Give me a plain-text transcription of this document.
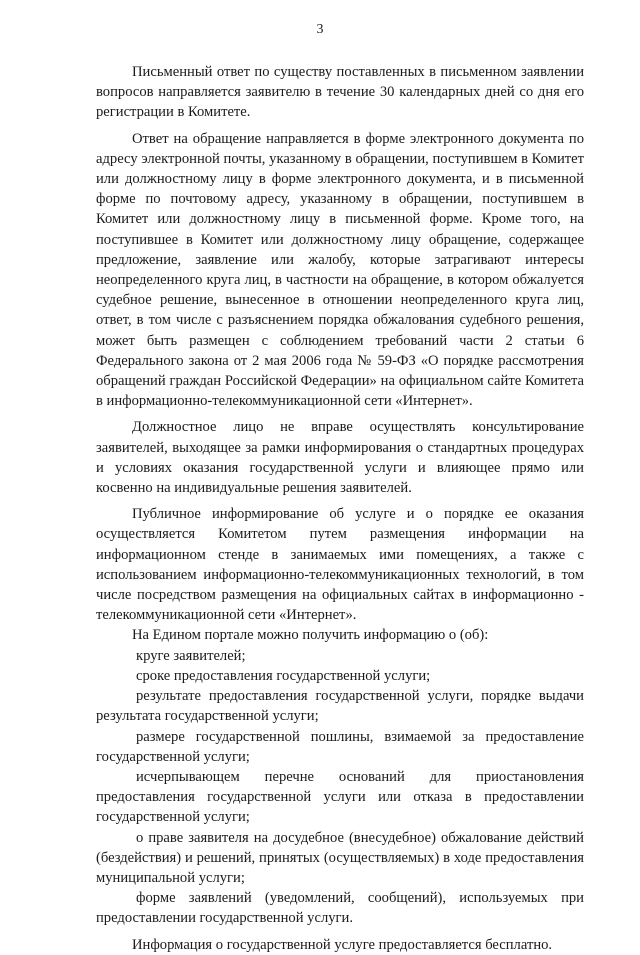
3

Письменный ответ по существу поставленных в письменном заявлении вопросов направляется заявителю в течение 30 календарных дней со дня его регистрации в Комитете.

Ответ на обращение направляется в форме электронного документа по адресу электронной почты, указанному в обращении, поступившем в Комитет или должностному лицу в форме электронного документа, и в письменной форме по почтовому адресу, указанному в обращении, поступившем в Комитет или должностному лицу в письменной форме. Кроме того, на поступившее в Комитет или должностному лицу обращение, содержащее предложение, заявление или жалобу, которые затрагивают интересы неопределенного круга лиц, в частности на обращение, в котором обжалуется судебное решение, вынесенное в отношении неопределенного круга лиц, ответ, в том числе с разъяснением порядка обжалования судебного решения, может быть размещен с соблюдением требований части 2 статьи 6 Федерального закона от 2 мая 2006 года № 59-ФЗ «О порядке рассмотрения обращений граждан Российской Федерации» на официальном сайте Комитета в информационно-телекоммуникационной сети «Интернет».

Должностное лицо не вправе осуществлять консультирование заявителей, выходящее за рамки информирования о стандартных процедурах и условиях оказания государственной услуги и влияющее прямо или косвенно на индивидуальные решения заявителей.

Публичное информирование об услуге и о порядке ее оказания осуществляется Комитетом путем размещения информации на информационном стенде в занимаемых ими помещениях, а также с использованием информационно-телекоммуникационных технологий, в том числе посредством размещения на официальных сайтах в информационно - телекоммуникационной сети «Интернет».

На Едином портале можно получить информацию о (об):

круге заявителей;

сроке предоставления государственной услуги;

результате предоставления государственной услуги, порядке выдачи результата государственной услуги;

размере государственной пошлины, взимаемой за предоставление государственной услуги;

исчерпывающем перечне оснований для приостановления предоставления государственной услуги или отказа в предоставлении государственной услуги;

о праве заявителя на досудебное (внесудебное) обжалование действий (бездействия) и решений, принятых (осуществляемых) в ходе предоставления муниципальной услуги;

форме заявлений (уведомлений, сообщений), используемых при предоставлении государственной услуги.

Информация о государственной услуге предоставляется бесплатно.
